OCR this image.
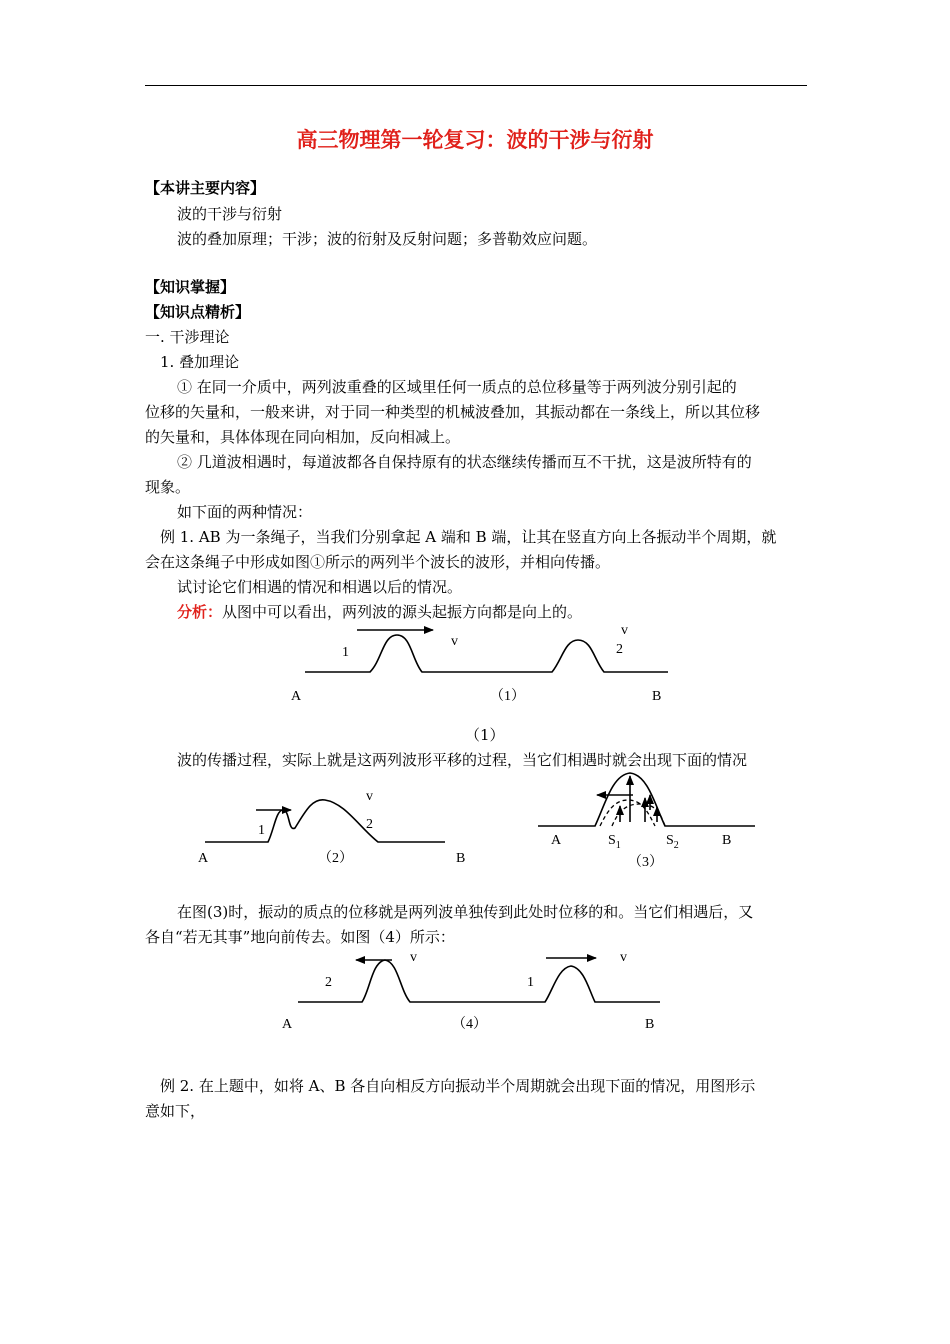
高三物理第一轮复习：波的干涉与衍射
【本讲主要内容】
波的干涉与衍射
波的叠加原理；干涉；波的衍射及反射问题；多普勒效应问题。
【知识掌握】
【知识点精析】
一. 干涉理论
1. 叠加理论
① 在同一介质中，两列波重叠的区域里任何一质点的总位移量等于两列波分别引起的
位移的矢量和，一般来讲，对于同一种类型的机械波叠加，其振动都在一条线上，所以其位移
的矢量和，具体体现在同向相加，反向相减上。
② 几道波相遇时，每道波都各自保持原有的状态继续传播而互不干扰，这是波所特有的
现象。
如下面的两种情况：
例 1. AB 为一条绳子，当我们分别拿起 A 端和 B 端，让其在竖直方向上各振动半个周期，就
会在这条绳子中形成如图①所示的两列半个波长的波形，并相向传播。
试讨论它们相遇的情况和相遇以后的情况。
分析：从图中可以看出，两列波的源头起振方向都是向上的。
1
v
v
2
A	（1）	B
（1）
波的传播过程，实际上就是这两列波形平移的过程，当它们相遇时就会出现下面的情况
1	2
v
A	（2）	B
A	$S_1$	$S_2$	B
（3）
在图(3)时，振动的质点的位移就是两列波单独传到此处时位移的和。当它们相遇后，又
各自“若无其事”地向前传去。如图（4）所示：
2
v
1
v
A	（4）	B
例 2. 在上题中，如将 A、B 各自向相反方向振动半个周期就会出现下面的情况，用图形示
意如下，
